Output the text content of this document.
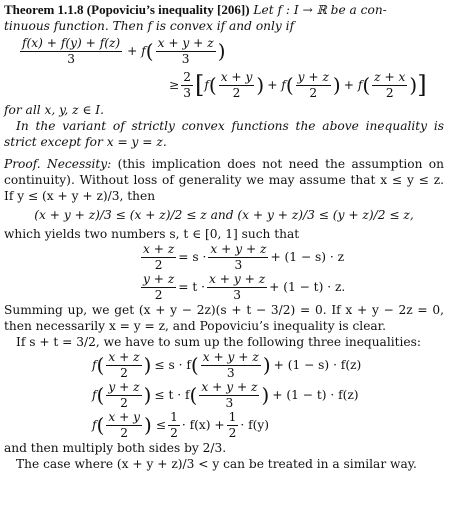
Theorem 1.1.8 (Popoviciu’s inequality [206]) Let f : I → ℝ be a con-
tinuous function. Then f is convex if and only if

$\frac{f(x) + f(y) + f(z)}{3} + f$ ( $\frac{x + y + z}{3}$ )
≥ $\frac{2}{3}$ [ f ( $\frac{x + y}{2}$ ) + f ( $\frac{y + z}{2}$ ) + f ( $\frac{z + x}{2}$ ) ]

for all x, y, z ∈ I.

In the variant of strictly convex functions the above inequality is strict except for x = y = z.

Proof. Necessity: (this implication does not need the assumption on continuity). Without loss of generality we may assume that x ≤ y ≤ z. If y ≤ (x + y + z)/3, then

(x + y + z)/3 ≤ (x + z)/2 ≤ z and (x + y + z)/3 ≤ (y + z)/2 ≤ z,

which yields two numbers s, t ∈ [0, 1] such that

$\frac{x + z}{2} = s \cdot \frac{x + y + z}{3} + (1 - s) \cdot z$
$\frac{y + z}{2} = t \cdot \frac{x + y + z}{3} + (1 - t) \cdot z$.

Summing up, we get (x + y − 2z)(s + t − 3/2) = 0. If x + y − 2z = 0, then necessarily x = y = z, and Popoviciu’s inequality is clear.

If s + t = 3/2, we have to sum up the following three inequalities:

f ( $\frac{x + z}{2}$ ) ≤ s · f ( $\frac{x + y + z}{3}$ ) + (1 − s) · f(z)
f ( $\frac{y + z}{2}$ ) ≤ t · f ( $\frac{x + y + z}{3}$ ) + (1 − t) · f(z)
f ( $\frac{x + y}{2}$ ) ≤ $\frac{1}{2} \cdot f(x) + \frac{1}{2} \cdot f(y)$

and then multiply both sides by 2/3.

The case where (x + y + z)/3 < y can be treated in a similar way.
